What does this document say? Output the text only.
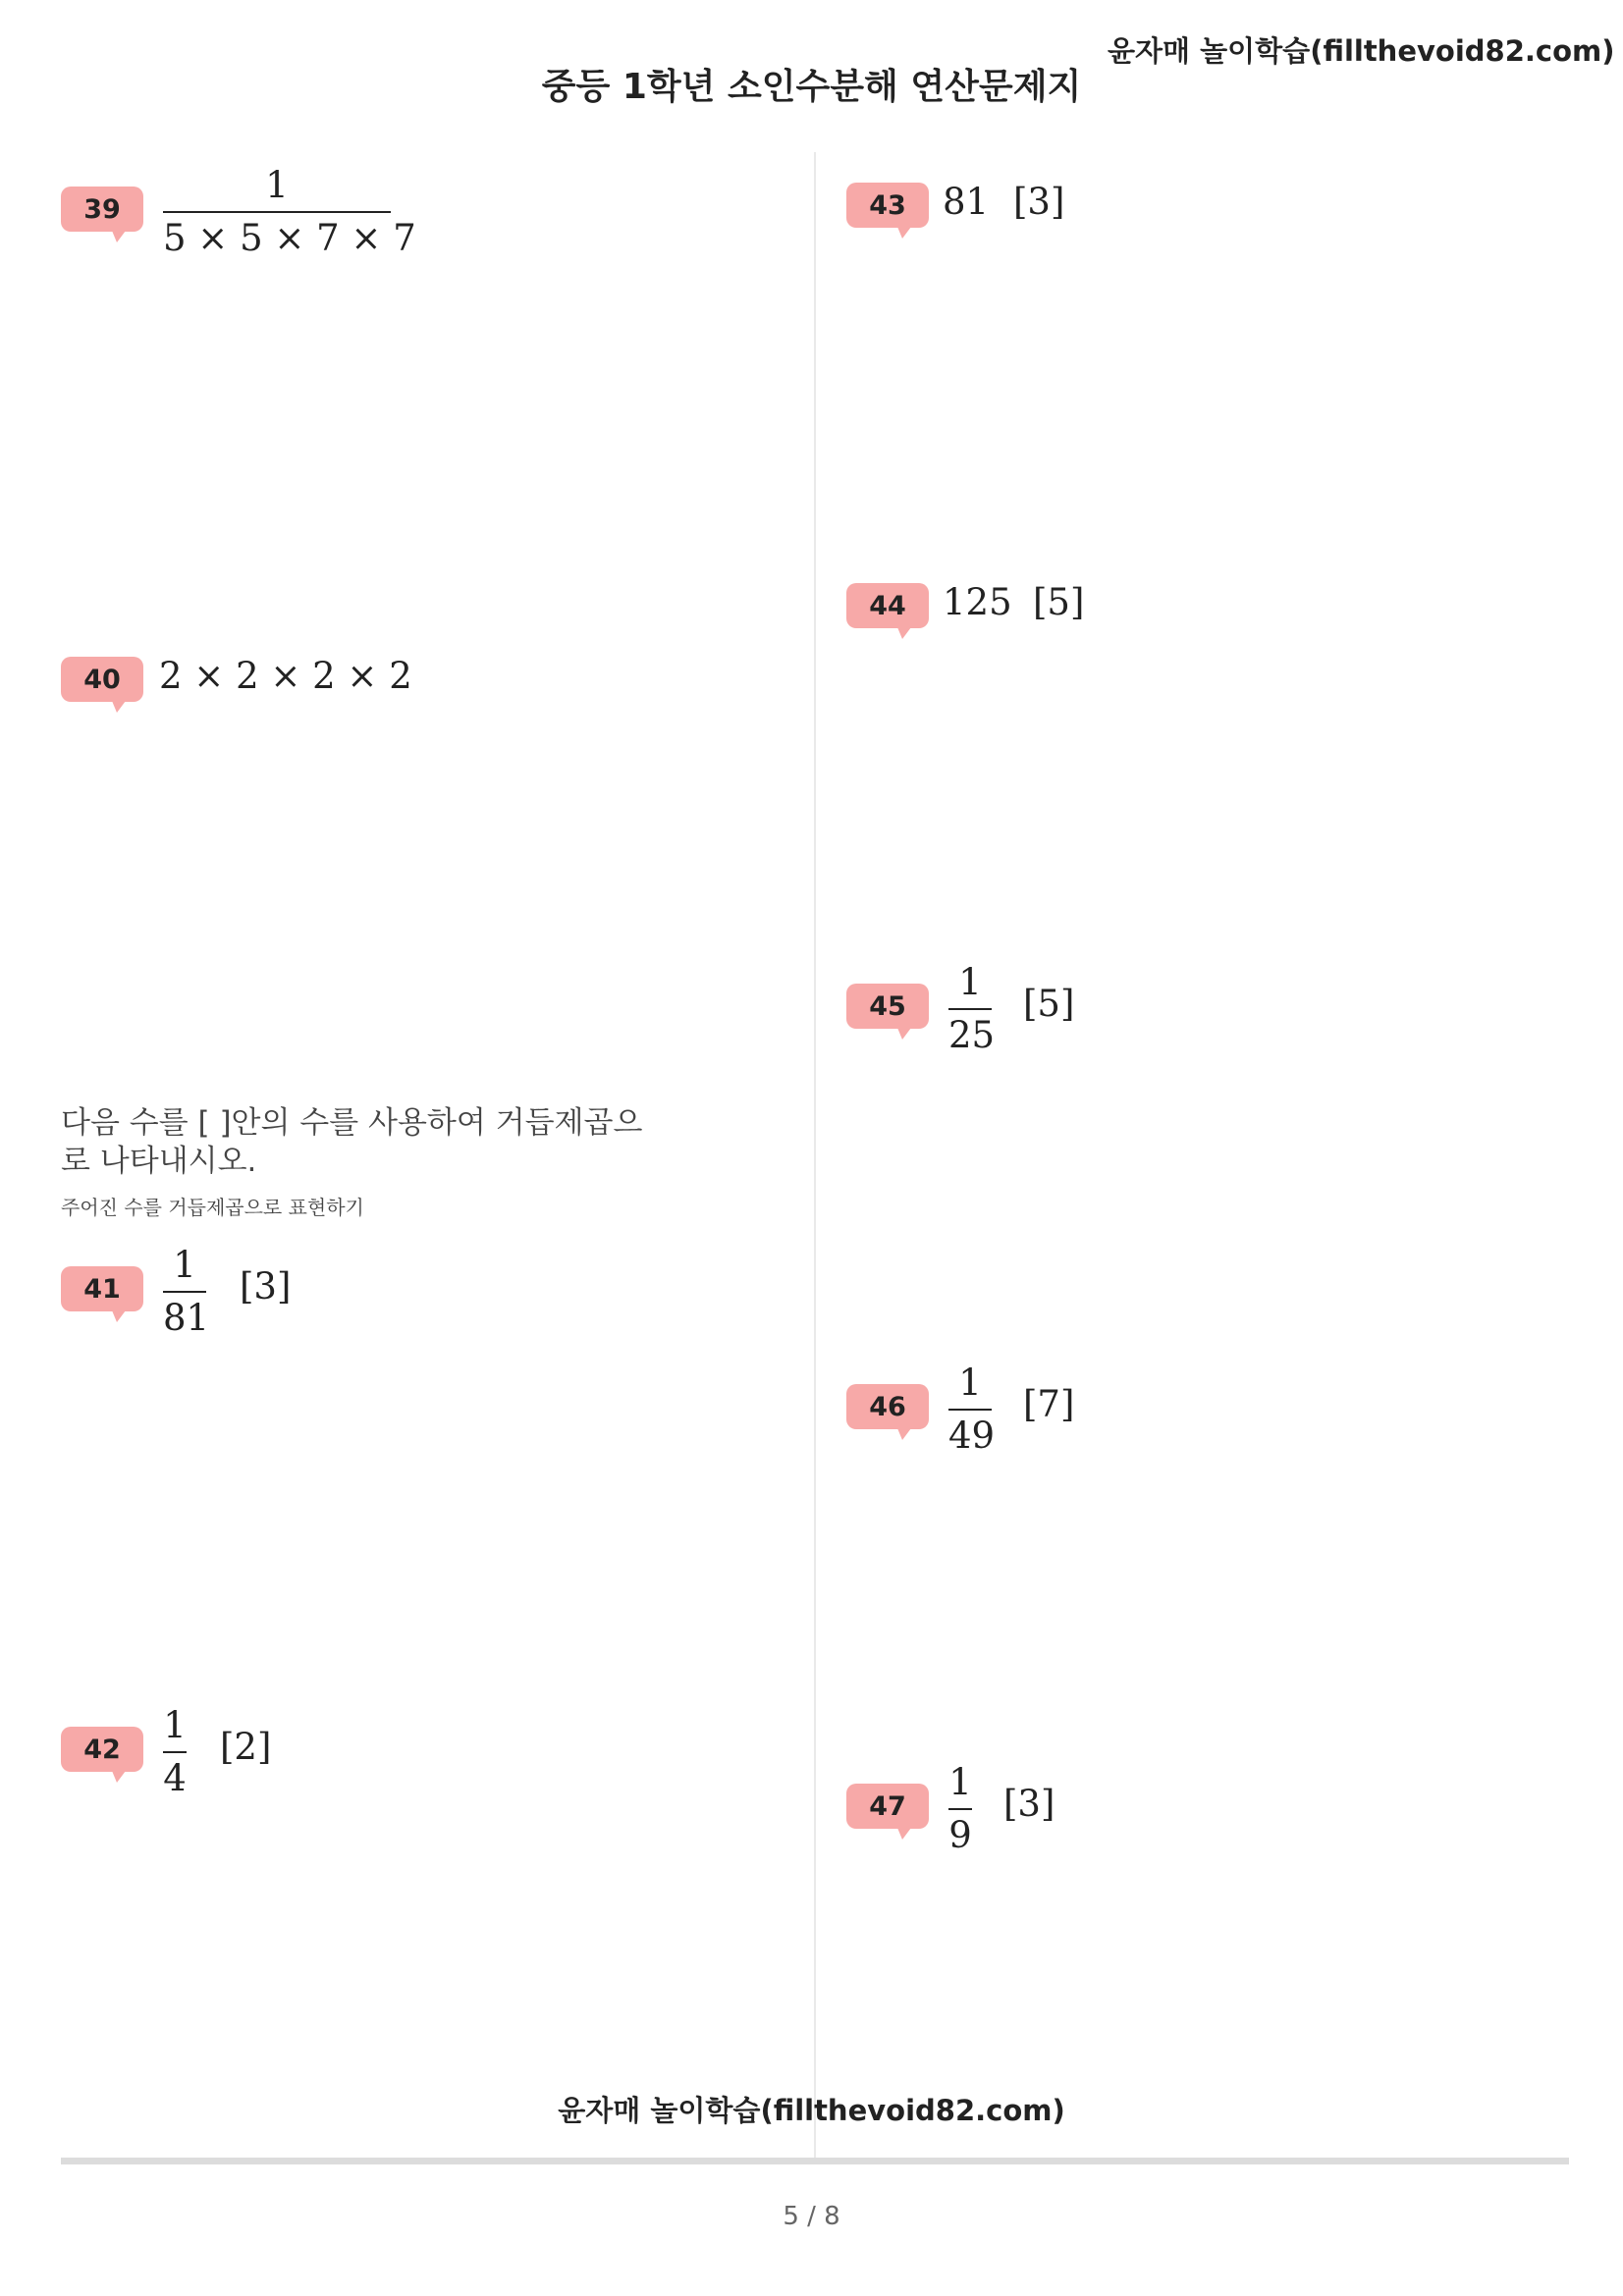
윤자매 놀이학습(fillthevoid82.com)
중등 1학년 소인수분해 연산문제지
39
1
5 × 5 × 7 × 7
40	2 × 2 × 2 × 2
다음 수를 [ ]안의 수를 사용하여 거듭제곱으로 나타내시오.
주어진 수를 거듭제곱으로 표현하기
41
1
81
[3]
42
1
4
[2]
43	81 [3]
44	125 [5]
45
1
25
[5]
46
1
49
[7]
47
1
9
[3]
윤자매 놀이학습(fillthevoid82.com)
5 / 8
